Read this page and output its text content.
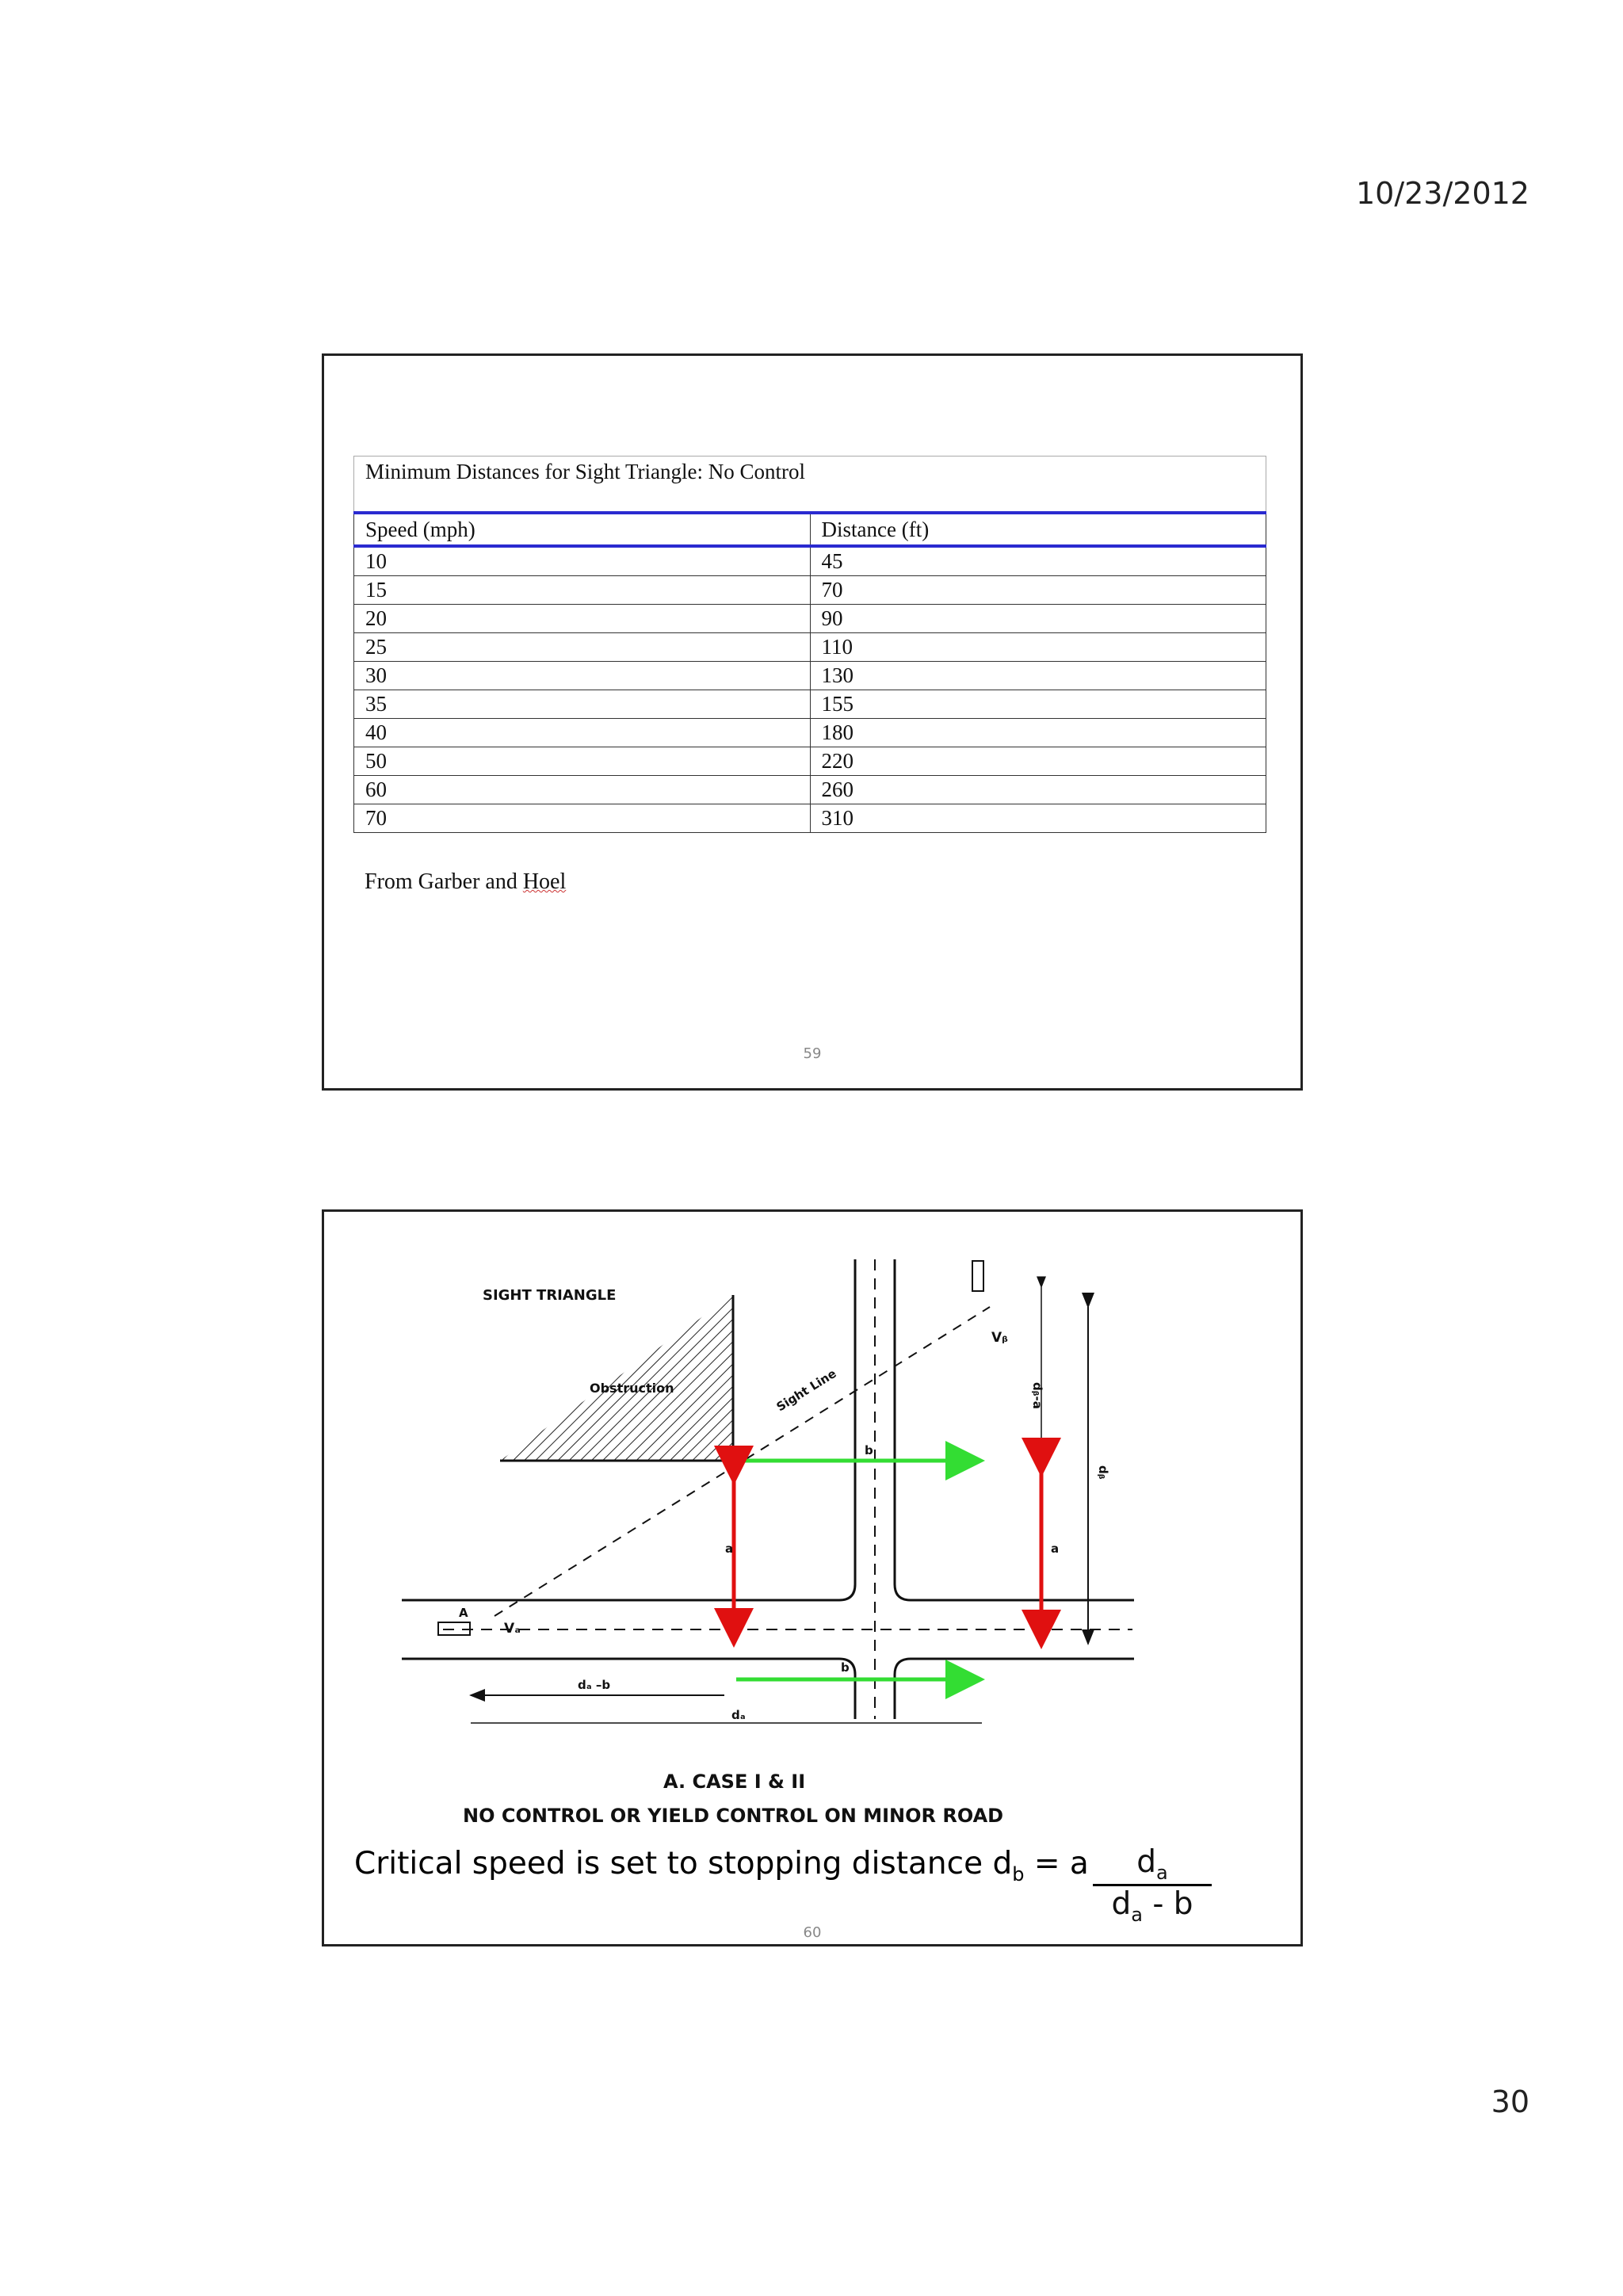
10/23/2012
Minimum Distances for Sight Triangle: No Control
Speed (mph)	Distance (ft)
10	45
15	70
20	90
25	110
30	130
35	155
40	180
50	220
60	260
70	310
From Garber and Hoel
59
SIGHT TRIANGLE
Obstruction	Sight Line
b
b
a	a
dₐ –b
dₐ
dᵦ-a
dᵦ
Vᵦ
Vₐ
A
A. CASE I & II
NO CONTROL OR YIELD CONTROL ON MINOR ROAD
Critical speed is set to stopping distance $d_b = a \frac{d_a}{d_a - b}$
60
30
